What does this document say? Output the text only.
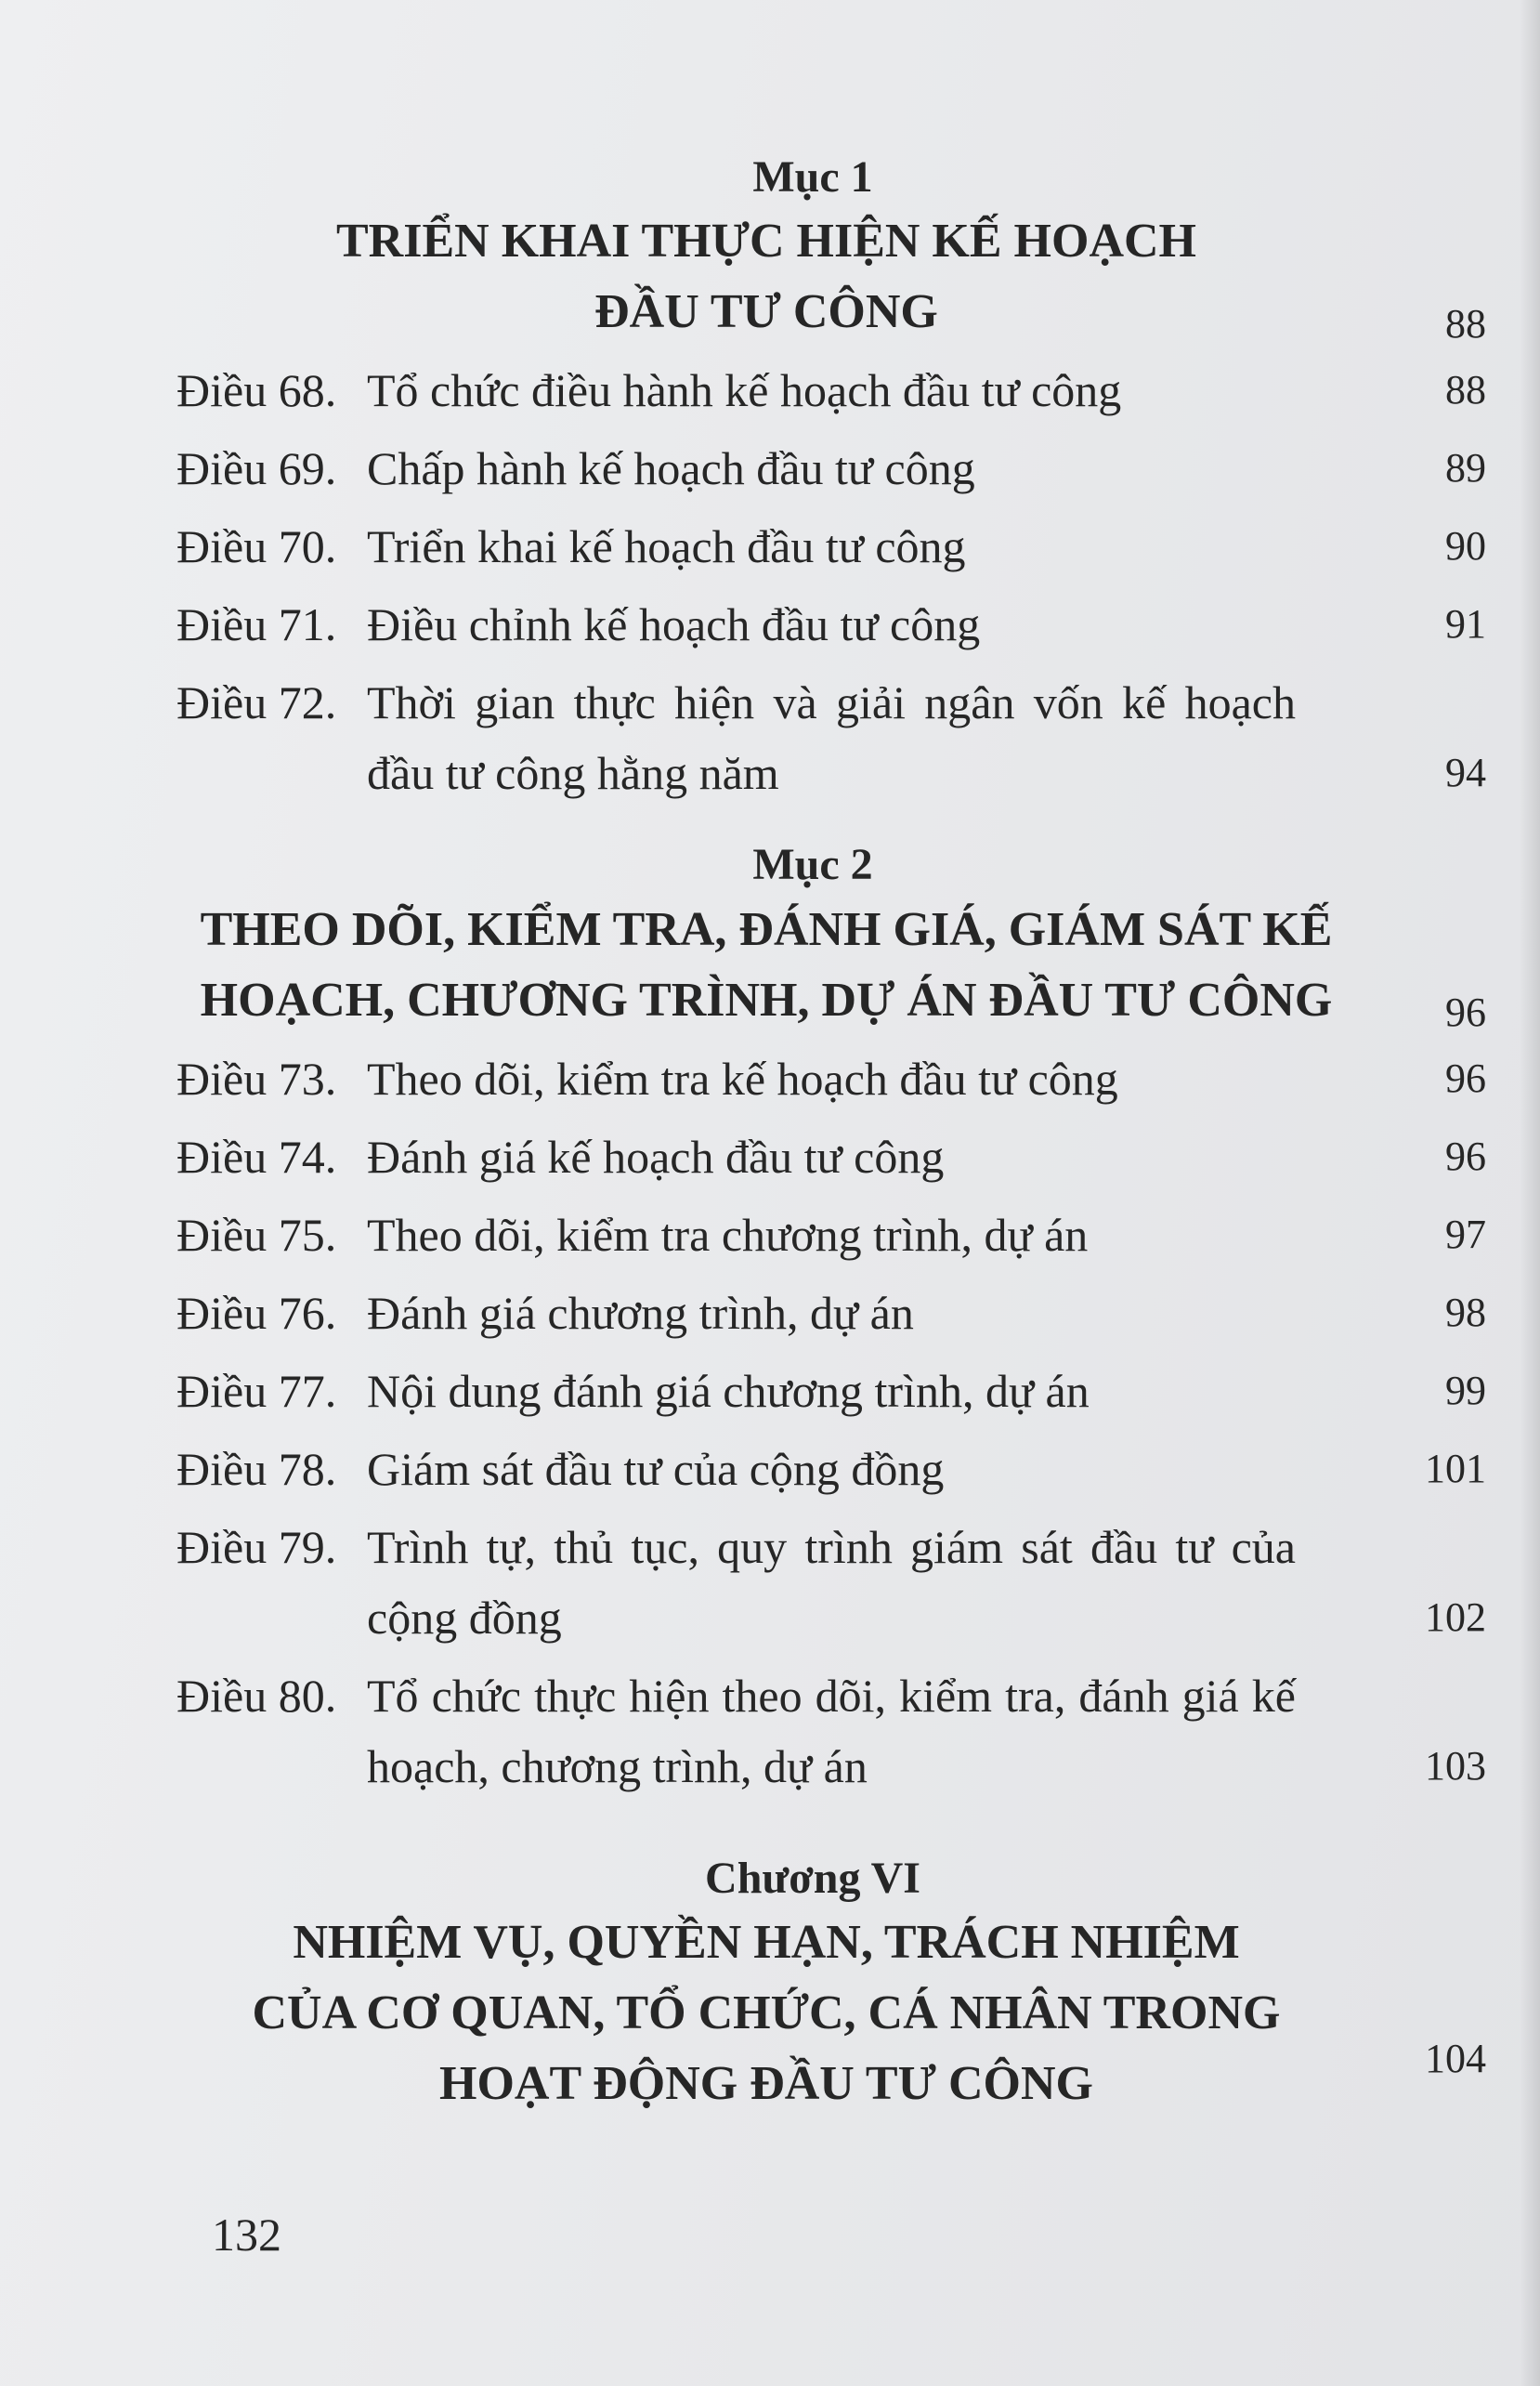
Mục 1
TRIỂN KHAI THỰC HIỆN KẾ HOẠCH
ĐẦU TƯ CÔNG	88
Điều 68. Tổ chức điều hành kế hoạch đầu tư công	88
Điều 69. Chấp hành kế hoạch đầu tư công	89
Điều 70. Triển khai kế hoạch đầu tư công	90
Điều 71. Điều chỉnh kế hoạch đầu tư công	91
Điều 72. Thời gian thực hiện và giải ngân vốn kế hoạch đầu tư công hằng năm	94
Mục 2
THEO DÕI, KIỂM TRA, ĐÁNH GIÁ, GIÁM SÁT KẾ
HOẠCH, CHƯƠNG TRÌNH, DỰ ÁN ĐẦU TƯ CÔNG	96
Điều 73. Theo dõi, kiểm tra kế hoạch đầu tư công	96
Điều 74. Đánh giá kế hoạch đầu tư công	96
Điều 75. Theo dõi, kiểm tra chương trình, dự án	97
Điều 76. Đánh giá chương trình, dự án	98
Điều 77. Nội dung đánh giá chương trình, dự án	99
Điều 78. Giám sát đầu tư của cộng đồng	101
Điều 79. Trình tự, thủ tục, quy trình giám sát đầu tư của cộng đồng	102
Điều 80. Tổ chức thực hiện theo dõi, kiểm tra, đánh giá kế hoạch, chương trình, dự án	103
Chương VI
NHIỆM VỤ, QUYỀN HẠN, TRÁCH NHIỆM
CỦA CƠ QUAN, TỔ CHỨC, CÁ NHÂN TRONG
HOẠT ĐỘNG ĐẦU TƯ CÔNG	104
132
